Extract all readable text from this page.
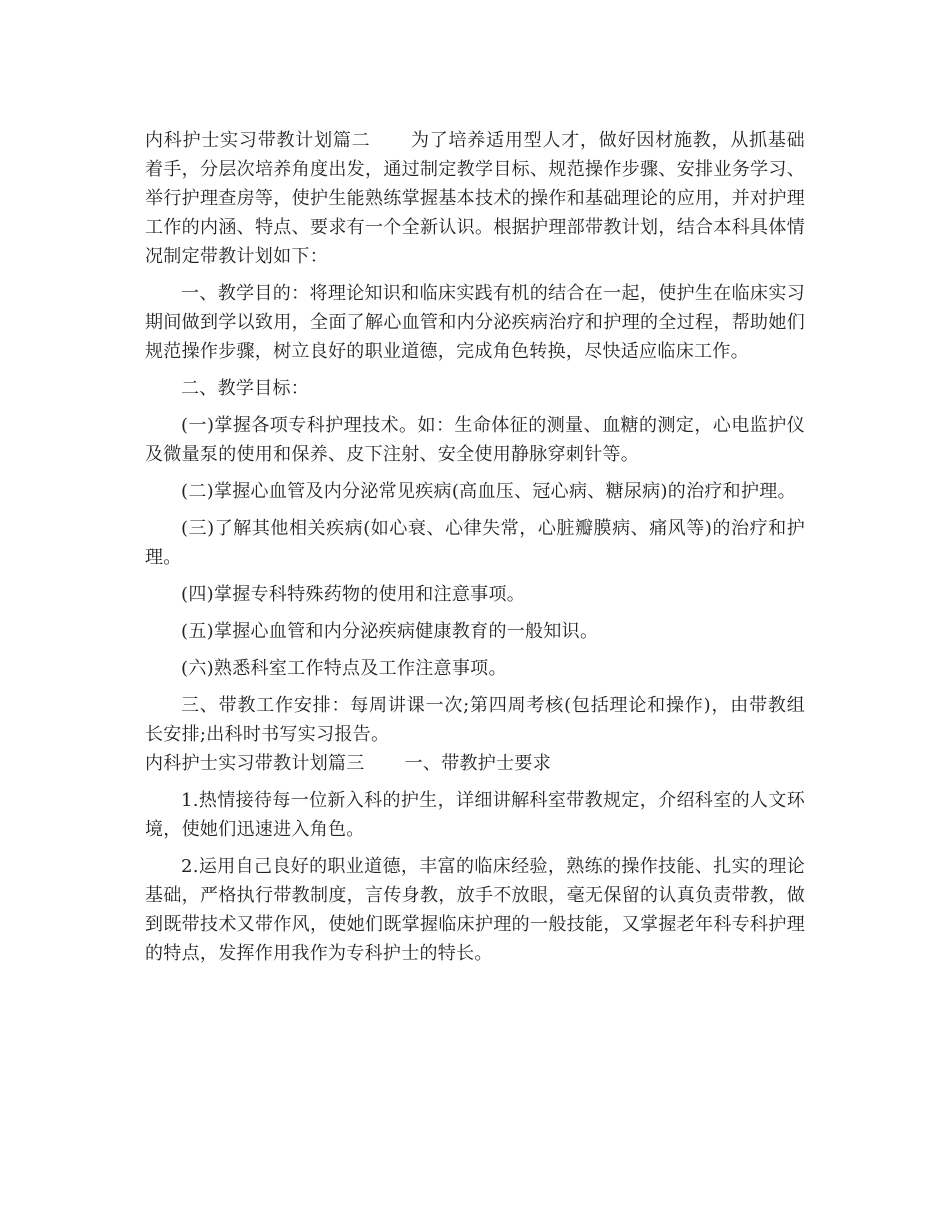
内科护士实习带教计划篇二 为了培养适用型人才，做好因材施教，从抓基础着手，分层次培养角度出发，通过制定教学目标、规范操作步骤、安排业务学习、举行护理查房等，使护生能熟练掌握基本技术的操作和基础理论的应用，并对护理工作的内涵、特点、要求有一个全新认识。根据护理部带教计划，结合本科具体情况制定带教计划如下：

一、教学目的：将理论知识和临床实践有机的结合在一起，使护生在临床实习期间做到学以致用，全面了解心血管和内分泌疾病治疗和护理的全过程，帮助她们规范操作步骤，树立良好的职业道德，完成角色转换，尽快适应临床工作。

二、教学目标：

(一)掌握各项专科护理技术。如：生命体征的测量、血糖的测定，心电监护仪及微量泵的使用和保养、皮下注射、安全使用静脉穿刺针等。

(二)掌握心血管及内分泌常见疾病(高血压、冠心病、糖尿病)的治疗和护理。

(三)了解其他相关疾病(如心衰、心律失常，心脏瓣膜病、痛风等)的治疗和护理。

(四)掌握专科特殊药物的使用和注意事项。

(五)掌握心血管和内分泌疾病健康教育的一般知识。

(六)熟悉科室工作特点及工作注意事项。

三、带教工作安排：每周讲课一次;第四周考核(包括理论和操作)，由带教组长安排;出科时书写实习报告。

内科护士实习带教计划篇三 一、带教护士要求

1.热情接待每一位新入科的护生，详细讲解科室带教规定，介绍科室的人文环境，使她们迅速进入角色。

2.运用自己良好的职业道德，丰富的临床经验，熟练的操作技能、扎实的理论基础，严格执行带教制度，言传身教，放手不放眼，毫无保留的认真负责带教，做到既带技术又带作风，使她们既掌握临床护理的一般技能，又掌握老年科专科护理的特点，发挥作用我作为专科护士的特长。
